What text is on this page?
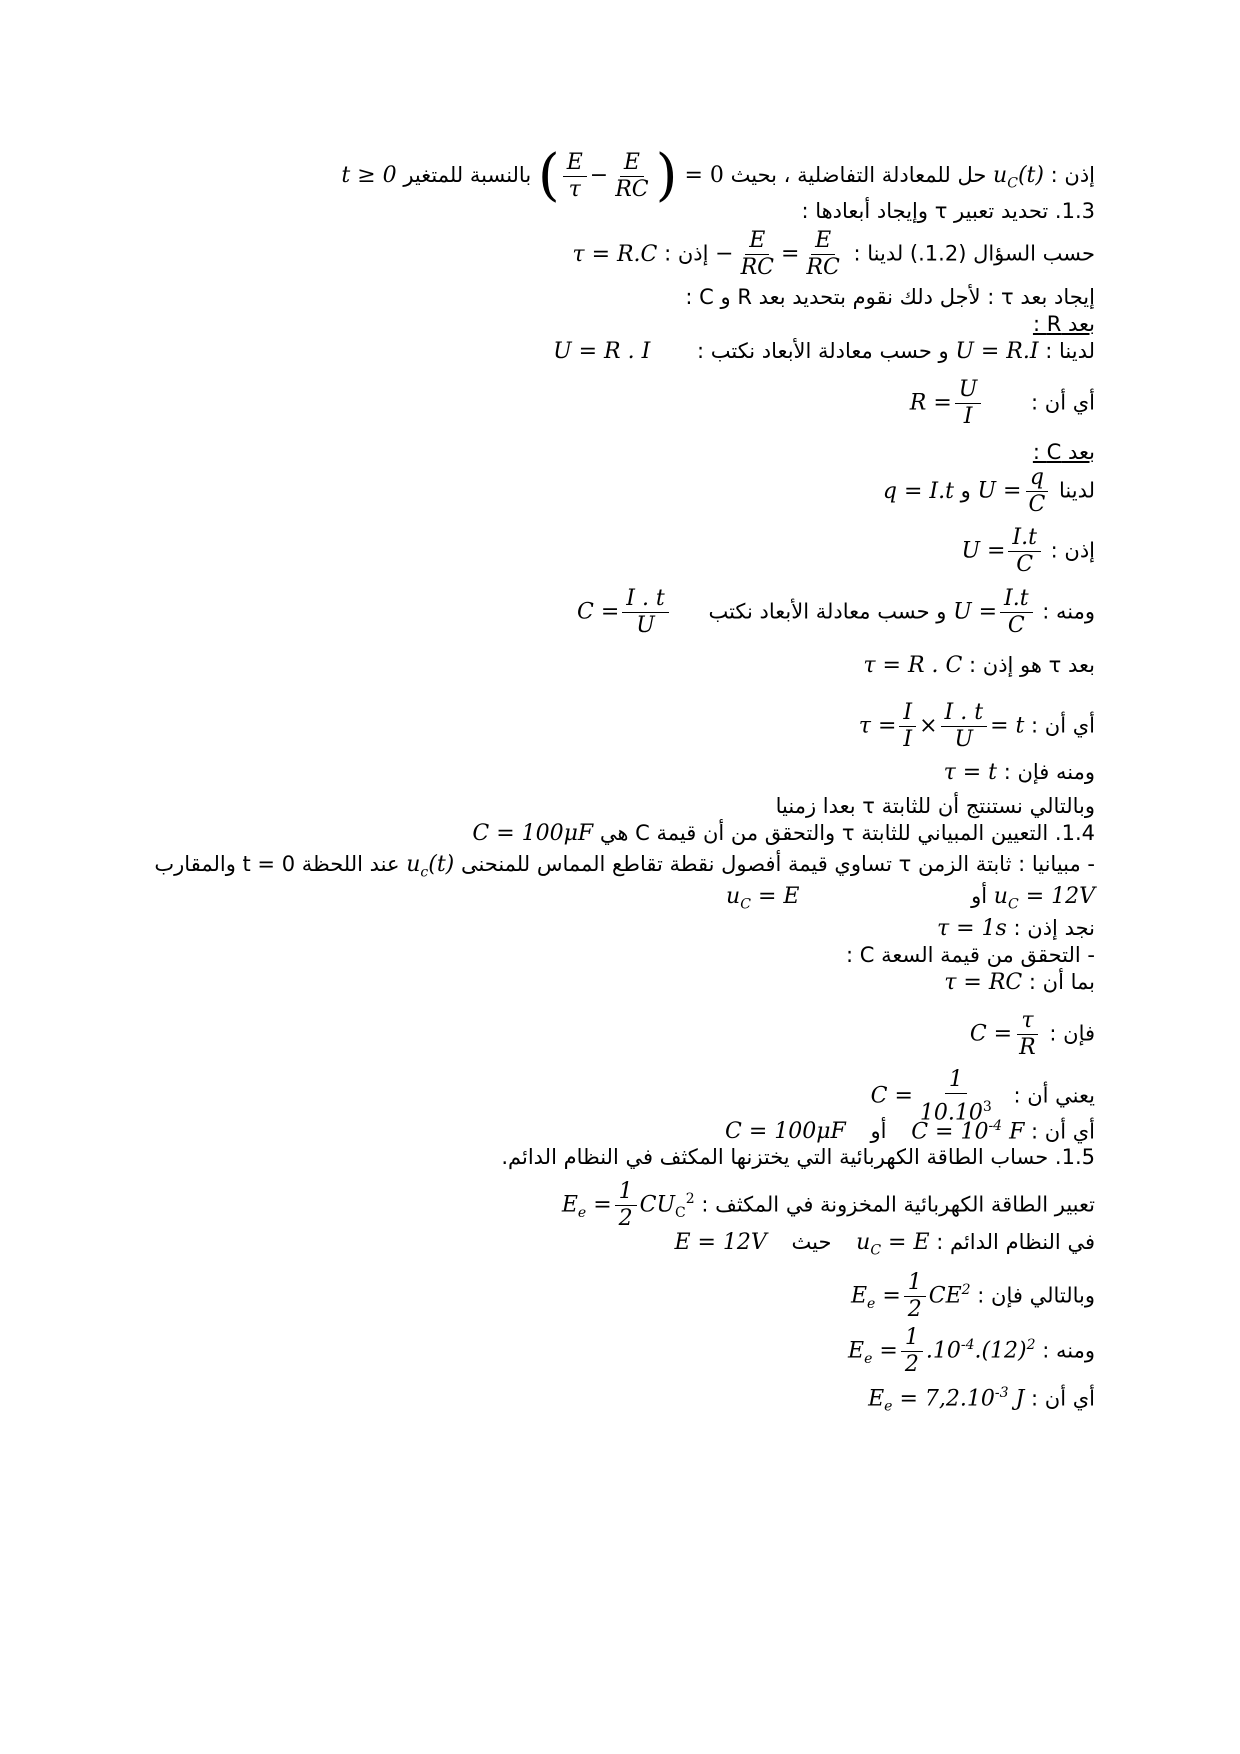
إذن : $u_C(t)$ حل للمعادلة التفاضلية ، بحيث ( $\frac{E}{\tau} - \frac{E}{RC}$ ) = 0 بالنسبة للمتغير t ≥ 0
1.3. تحديد تعبير τ وإيجاد أبعادها :
حسب السؤال (1.2.) لدينا : − $\frac{E}{RC} = \frac{E}{RC}$
إذن : τ = R.C
إيجاد بعد τ : لأجل دلك نقوم بتحديد بعد R و C :
بعد R :
لدينا : U = R.I و حسب معادلة الأبعاد نكتب : U = R . I
أي أن : $R = \frac{U}{I}$
بعد C :
لدينا $U = \frac{q}{C}$
و q = I.t
إذن : $U = \frac{I.t}{C}$
ومنه : $U = \frac{I.t}{C}$
و حسب معادلة الأبعاد نكتب $C = \frac{I . t}{U}$
بعد τ هو إذن : τ = R . C
أي أن : $\tau = \frac{I}{I} \times \frac{I . t}{U} = t$
ومنه فإن : τ = t
وبالتالي نستنتج أن للثابتة τ بعدا زمنيا
1.4. التعيين المبياني للثابتة τ والتحقق من أن قيمة C هي C = 100μF
- مبيانيا : ثابتة الزمن τ تساوي قيمة أفصول نقطة تقاطع المماس للمنحنى $u_c(t)$ عند اللحظة t = 0 والمقارب
$u_C = 12V$ أو $u_C = E$
نجد إذن : τ = 1s
- التحقق من قيمة السعة C :
بما أن : τ = RC
فإن : $C = \frac{\tau}{R}$
يعني أن : $C = \frac{1}{10.10^3}$
أي أن : $C = 10^{-4}$ F أو C = 100μF
1.5. حساب الطاقة الكهربائية التي يختزنها المكثف في النظام الدائم.
تعبير الطاقة الكهربائية المخزونة في المكثف : $E_e = \frac{1}{2} CU_C^2$
في النظام الدائم : $u_C = E$ حيث E = 12V
وبالتالي فإن : $E_e = \frac{1}{2} CE^2$
ومنه : $E_e = \frac{1}{2} .10^{-4}.(12)^2$
أي أن : $E_e = 7,2.10^{-3}$ J
